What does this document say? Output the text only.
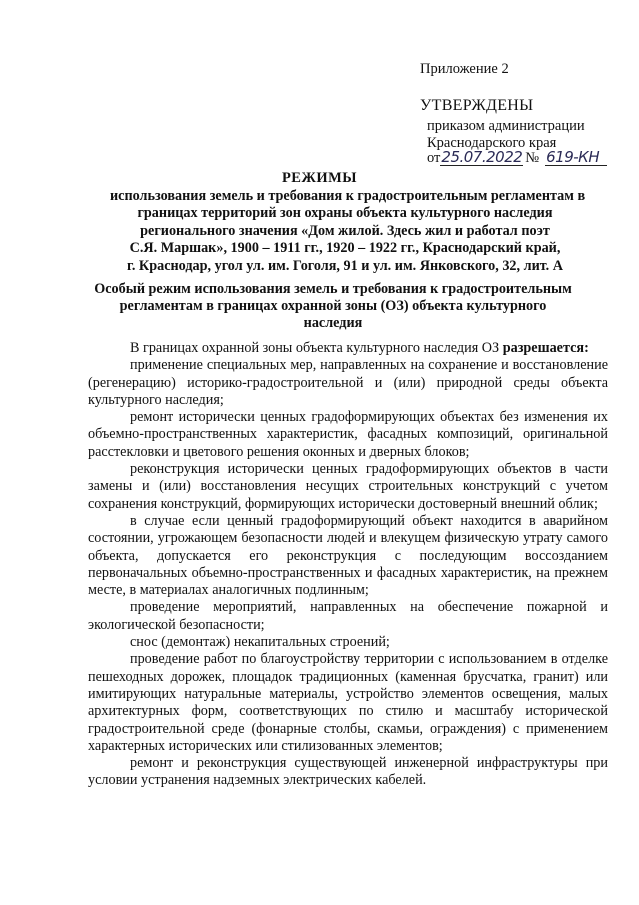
Приложение 2
УТВЕРЖДЕНЫ
приказом администрации
Краснодарского края
от 25.07.2022 № 619-КН
РЕЖИМЫ
использования земель и требования к градостроительным регламентам в
границах территорий зон охраны объекта культурного наследия
регионального значения «Дом жилой. Здесь жил и работал поэт
С.Я. Маршак», 1900 – 1911 гг., 1920 – 1922 гг., Краснодарский край,
г. Краснодар, угол ул. им. Гоголя, 91 и ул. им. Янковского, 32, лит. А
Особый режим использования земель и требования к градостроительным
регламентам в границах охранной зоны (ОЗ) объекта культурного
наследия

В границах охранной зоны объекта культурного наследия ОЗ разрешается:

применение специальных мер, направленных на сохранение и восстановление (регенерацию) историко-градостроительной и (или) природной среды объекта культурного наследия;

ремонт исторически ценных градоформирующих объектах без изменения их объемно-пространственных характеристик, фасадных композиций, оригинальной расстекловки и цветового решения оконных и дверных блоков;

реконструкция исторически ценных градоформирующих объектов в части замены и (или) восстановления несущих строительных конструкций с учетом сохранения конструкций, формирующих исторически достоверный внешний облик;

в случае если ценный градоформирующий объект находится в аварийном состоянии, угрожающем безопасности людей и влекущем физическую утрату самого объекта, допускается его реконструкция с последующим воссозданием первоначальных объемно-пространственных и фасадных характеристик, на прежнем месте, в материалах аналогичных подлинным;

проведение мероприятий, направленных на обеспечение пожарной и экологической безопасности;

снос (демонтаж) некапитальных строений;

проведение работ по благоустройству территории с использованием в отделке пешеходных дорожек, площадок традиционных (каменная брусчатка, гранит) или имитирующих натуральные материалы, устройство элементов освещения, малых архитектурных форм, соответствующих по стилю и масштабу исторической градостроительной среде (фонарные столбы, скамьи, ограждения) с применением характерных исторических или стилизованных элементов;

ремонт и реконструкция существующей инженерной инфраструктуры при условии устранения надземных электрических кабелей.
